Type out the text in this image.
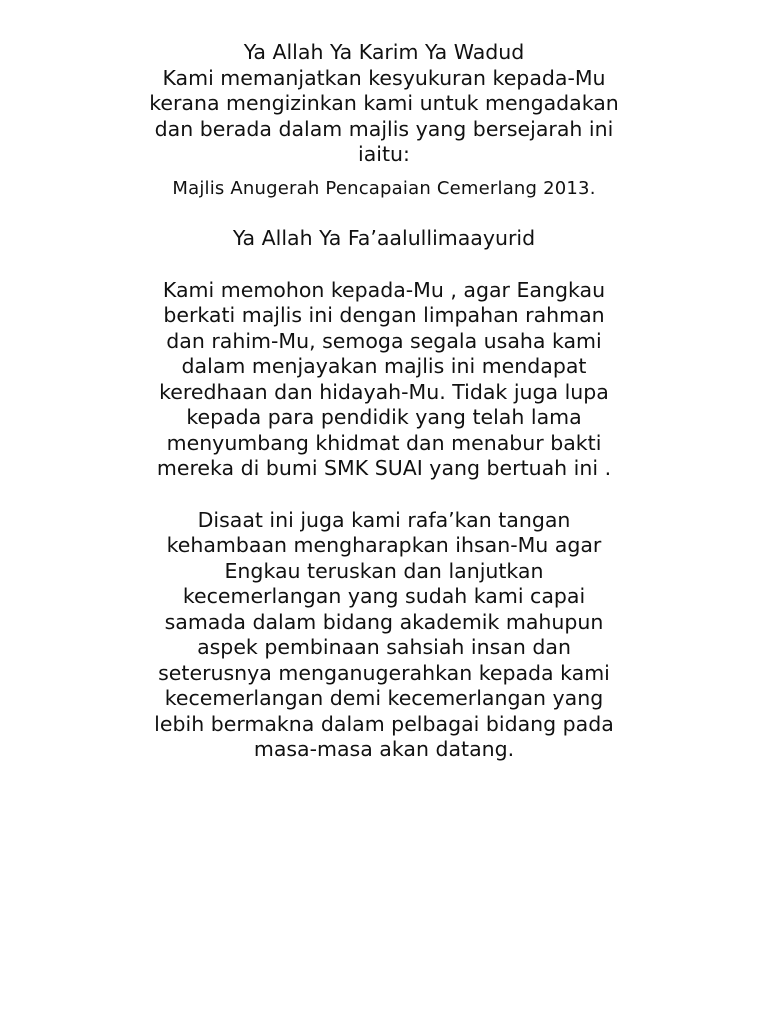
Ya Allah Ya Karim Ya Wadud
Kami memanjatkan kesyukuran kepada-Mu
kerana mengizinkan kami untuk mengadakan
dan berada dalam majlis yang bersejarah ini
iaitu:

Majlis Anugerah Pencapaian Cemerlang 2013.

Ya Allah Ya Fa’aalullimaayurid

Kami memohon kepada-Mu , agar Eangkau
berkati majlis ini dengan limpahan rahman
dan rahim-Mu, semoga segala usaha kami
dalam menjayakan majlis ini mendapat
keredhaan dan hidayah-Mu. Tidak juga lupa
kepada para pendidik yang telah lama
menyumbang khidmat dan menabur bakti
mereka di bumi SMK SUAI yang bertuah ini .

Disaat ini juga kami rafa’kan tangan
kehambaan mengharapkan ihsan-Mu agar
Engkau teruskan dan lanjutkan
kecemerlangan yang sudah kami capai
samada dalam bidang akademik mahupun
aspek pembinaan sahsiah insan dan
seterusnya menganugerahkan kepada kami
kecemerlangan demi kecemerlangan yang
lebih bermakna dalam pelbagai bidang pada
masa-masa akan datang.
